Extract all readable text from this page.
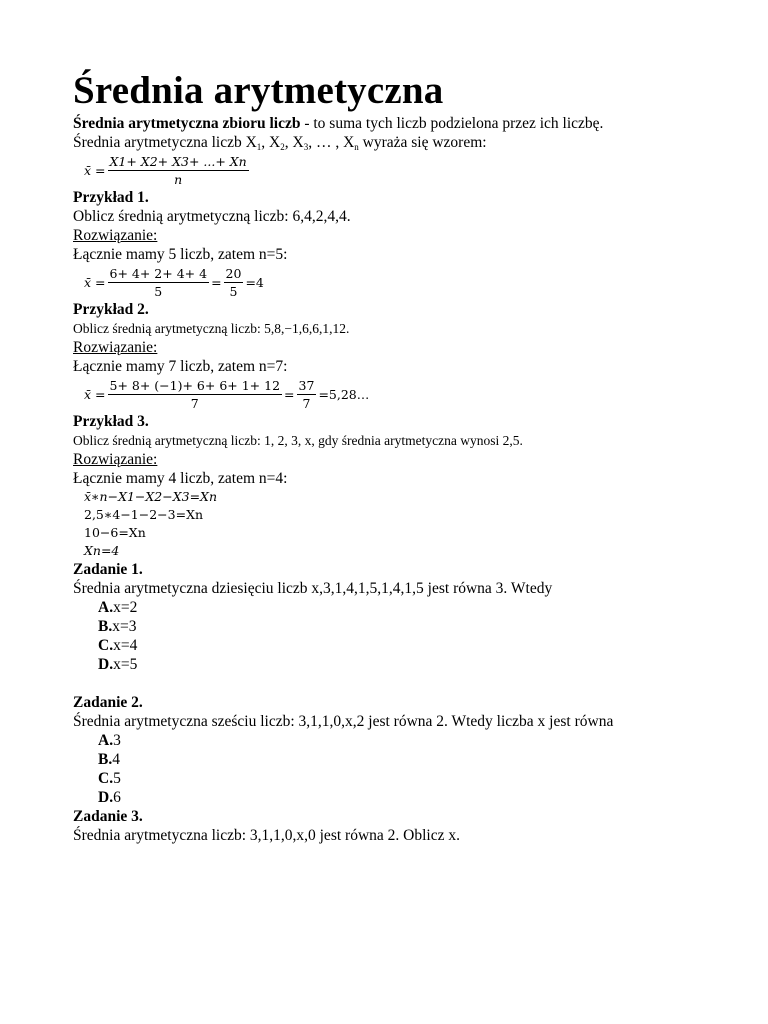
Średnia arytmetyczna
Średnia arytmetyczna zbioru liczb - to suma tych liczb podzielona przez ich liczbę.
Średnia arytmetyczna liczb $X_1$, $X_2$, $X_3$, … , $X_n$ wyraża się wzorem:
x̄ = $\frac{X1+ X2+ X3+ ...+ Xn}{n}$
Przykład 1.
Oblicz średnią arytmetyczną liczb: 6,4,2,4,4.
Rozwiązanie:
Łącznie mamy 5 liczb, zatem n=5:
x̄ = $\frac{6+ 4+ 2+ 4+ 4}{5} = \frac{20}{5} =4$
Przykład 2.
Oblicz średnią arytmetyczną liczb: 5,8,−1,6,6,1,12.
Rozwiązanie:
Łącznie mamy 7 liczb, zatem n=7:
x̄ = $\frac{5+ 8+ (-1)+ 6+ 6+ 1+ 12}{7} = \frac{37}{7}$ =5,28…
Przykład 3.
Oblicz średnią arytmetyczną liczb: 1, 2, 3, x, gdy średnia arytmetyczna wynosi 2,5.
Rozwiązanie:
Łącznie mamy 4 liczb, zatem n=4:
x̄∗n−X1−X2−X3=Xn
2,5∗4−1−2−3=Xn
10−6=Xn
Xn=4
Zadanie 1.
Średnia arytmetyczna dziesięciu liczb x,3,1,4,1,5,1,4,1,5 jest równa 3. Wtedy
A.x=2
B.x=3
C.x=4
D.x=5
Zadanie 2.
Średnia arytmetyczna sześciu liczb: 3,1,1,0,x,2 jest równa 2. Wtedy liczba x jest równa
A.3
B.4
C.5
D.6
Zadanie 3.
Średnia arytmetyczna liczb: 3,1,1,0,x,0 jest równa 2. Oblicz x.
